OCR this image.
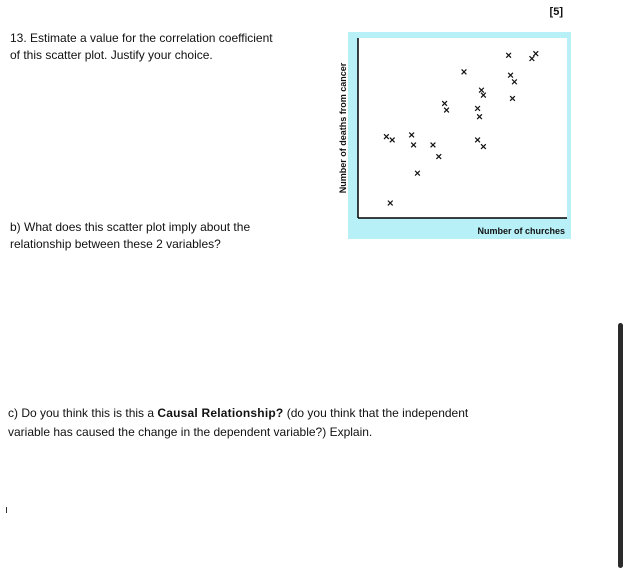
[5]
13. Estimate a value for the correlation coefficient
of this scatter plot. Justify your choice.
b) What does this scatter plot imply about the
relationship between these 2 variables?
c) Do you think this is this a Causal Relationship? (do you think that the independent
variable has caused the change in the dependent variable?) Explain.
Number of churches
Number of deaths from cancer
